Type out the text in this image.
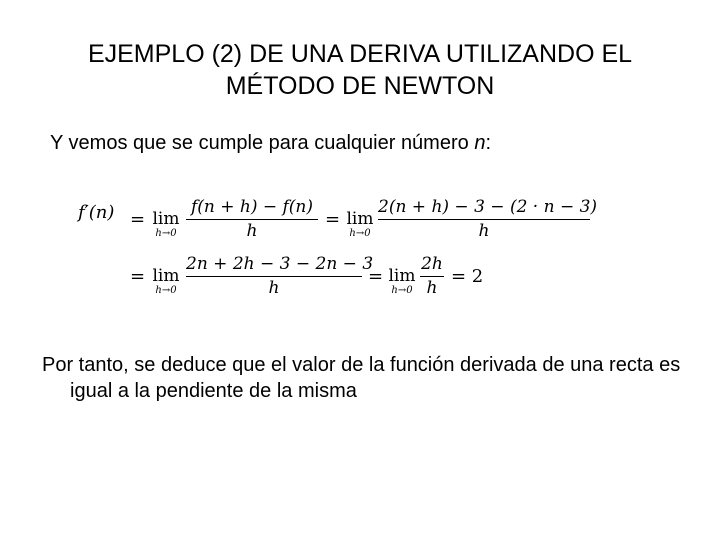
EJEMPLO (2) DE UNA DERIVA UTILIZANDO EL
MÉTODO DE NEWTON
Y vemos que se cumple para cualquier número n:
f′(n) = lim
h→0
f(n + h) − f(n)
h
= lim
h→0
2(n + h) − 3 − (2 · n − 3)
h
= lim
h→0
2n + 2h − 3 − 2n − 3
h
= lim
h→0
2h
h
= 2
Por tanto, se deduce que el valor de la función derivada de una recta es igual a la pendiente de la misma
